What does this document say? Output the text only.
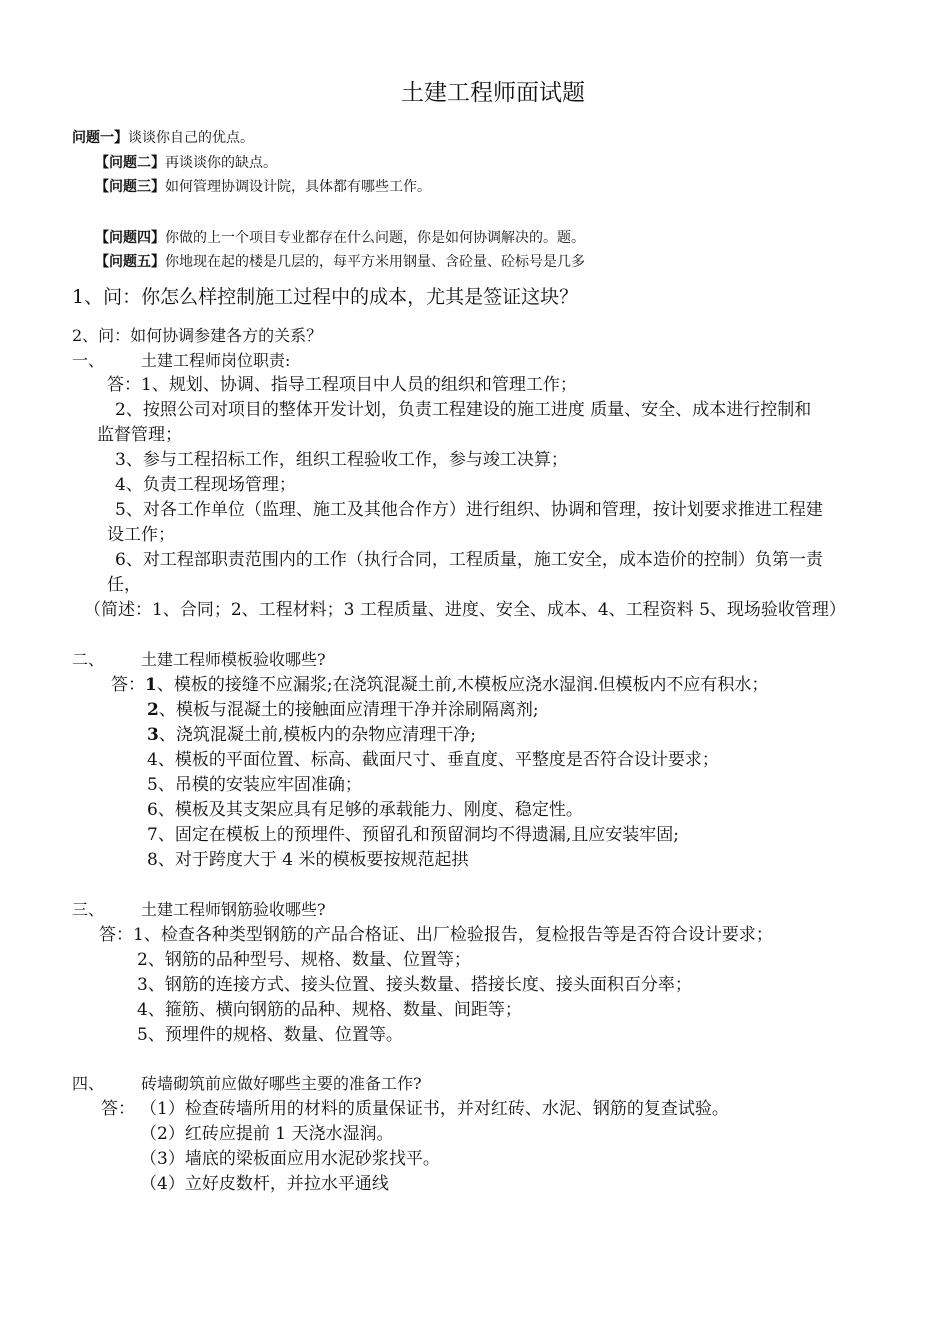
土建工程师面试题
问题一】谈谈你自己的优点。
【问题二】再谈谈你的缺点。
【问题三】如何管理协调设计院，具体都有哪些工作。
【问题四】你做的上一个项目专业都存在什么问题，你是如何协调解决的。题。
【问题五】你地现在起的楼是几层的，每平方米用钢量、含砼量、砼标号是几多
1、问：你怎么样控制施工过程中的成本，尤其是签证这块？
2、问：如何协调参建各方的关系？
一、 土建工程师岗位职责:
答：1、规划、协调、指导工程项目中人员的组织和管理工作；
2、按照公司对项目的整体开发计划，负责工程建设的施工进度 质量、安全、成本进行控制和
监督管理；
3、参与工程招标工作，组织工程验收工作，参与竣工决算；
4、负责工程现场管理；
5、对各工作单位（监理、施工及其他合作方）进行组织、协调和管理，按计划要求推进工程建
设工作；
6、对工程部职责范围内的工作（执行合同，工程质量，施工安全，成本造价的控制）负第一责
任，
（简述：1、合同；2、工程材料；3 工程质量、进度、安全、成本、4、工程资料 5、现场验收管理）
二、 土建工程师模板验收哪些?
答：1、模板的接缝不应漏浆;在浇筑混凝土前,木模板应浇水湿润.但模板内不应有积水；
2、模板与混凝土的接触面应清理干净并涂刷隔离剂;
3、浇筑混凝土前,模板内的杂物应清理干净;
4、模板的平面位置、标高、截面尺寸、垂直度、平整度是否符合设计要求；
5、吊模的安装应牢固准确；
6、模板及其支架应具有足够的承载能力、刚度、稳定性。
7、固定在模板上的预埋件、预留孔和预留洞均不得遗漏,且应安装牢固;
8、对于跨度大于 4 米的模板要按规范起拱
三、 土建工程师钢筋验收哪些?
答：1、检查各种类型钢筋的产品合格证、出厂检验报告，复检报告等是否符合设计要求；
2、钢筋的品种型号、规格、数量、位置等；
3、钢筋的连接方式、接头位置、接头数量、搭接长度、接头面积百分率；
4、箍筋、横向钢筋的品种、规格、数量、间距等；
5、预埋件的规格、数量、位置等。
四、 砖墙砌筑前应做好哪些主要的准备工作?
答： （1）检查砖墙所用的材料的质量保证书，并对红砖、水泥、钢筋的复查试验。
（2）红砖应提前 1 天浇水湿润。
（3）墙底的梁板面应用水泥砂浆找平。
（4）立好皮数杆，并拉水平通线
